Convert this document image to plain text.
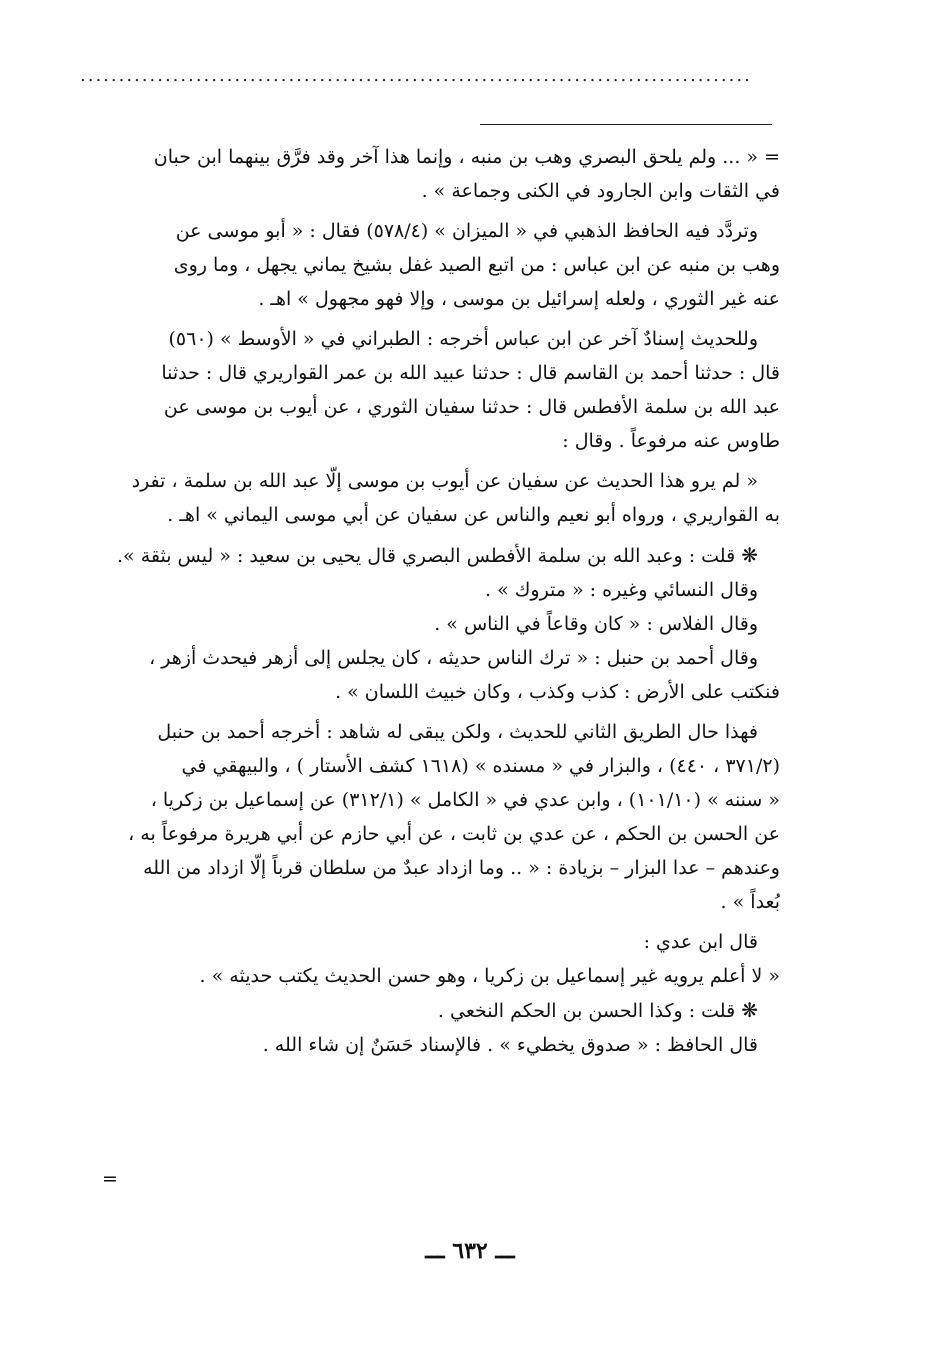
.......................................................................................
= « ... ولم يلحق البصري وهب بن منبه ، وإنما هذا آخر وقد فرَّق بينهما ابن حبان
في الثقات وابن الجارود في الكنى وجماعة » .
وتردَّد فيه الحافظ الذهبي في « الميزان » (٥٧٨/٤) فقال : « أبو موسى عن
وهب بن منبه عن ابن عباس : من اتبع الصيد غفل بشيخ يماني يجهل ، وما روى
عنه غير الثوري ، ولعله إسرائيل بن موسى ، وإلا فهو مجهول » اهـ .
وللحديث إسنادٌ آخر عن ابن عباس أخرجه : الطبراني في « الأوسط » (٥٦٠)
قال : حدثنا أحمد بن القاسم قال : حدثنا عبيد الله بن عمر القواريري قال : حدثنا
عبد الله بن سلمة الأفطس قال : حدثنا سفيان الثوري ، عن أيوب بن موسى عن
طاوس عنه مرفوعاً . وقال :
« لم يرو هذا الحديث عن سفيان عن أيوب بن موسى إلّا عبد الله بن سلمة ، تفرد
به القواريري ، ورواه أبو نعيم والناس عن سفيان عن أبي موسى اليماني » اهـ .
❋ قلت : وعبد الله بن سلمة الأفطس البصري قال يحيى بن سعيد : « ليس بثقة ».
وقال النسائي وغيره : « متروك » .
وقال الفلاس : « كان وقاعاً في الناس » .
وقال أحمد بن حنبل : « ترك الناس حديثه ، كان يجلس إلى أزهر فيحدث أزهر ،
فنكتب على الأرض : كذب وكذب ، وكان خبيث اللسان » .
فهذا حال الطريق الثاني للحديث ، ولكن يبقى له شاهد : أخرجه أحمد بن حنبل
(٣٧١/٢ ، ٤٤٠) ، والبزار في « مسنده » (١٦١٨ كشف الأستار ) ، والبيهقي في
« سننه » (١٠١/١٠) ، وابن عدي في « الكامل » (٣١٢/١) عن إسماعيل بن زكريا ،
عن الحسن بن الحكم ، عن عدي بن ثابت ، عن أبي حازم عن أبي هريرة مرفوعاً به ،
وعندهم – عدا البزار – بزيادة : « .. وما ازداد عبدٌ من سلطان قرباً إلّا ازداد من الله
بُعداً » .
قال ابن عدي :
« لا أعلم يرويه غير إسماعيل بن زكريا ، وهو حسن الحديث يكتب حديثه » .
❋ قلت : وكذا الحسن بن الحكم النخعي .
قال الحافظ : « صدوق يخطيء » . فالإسناد حَسَنٌ إن شاء الله .
=
ـــ ٦٣٢ ـــ
